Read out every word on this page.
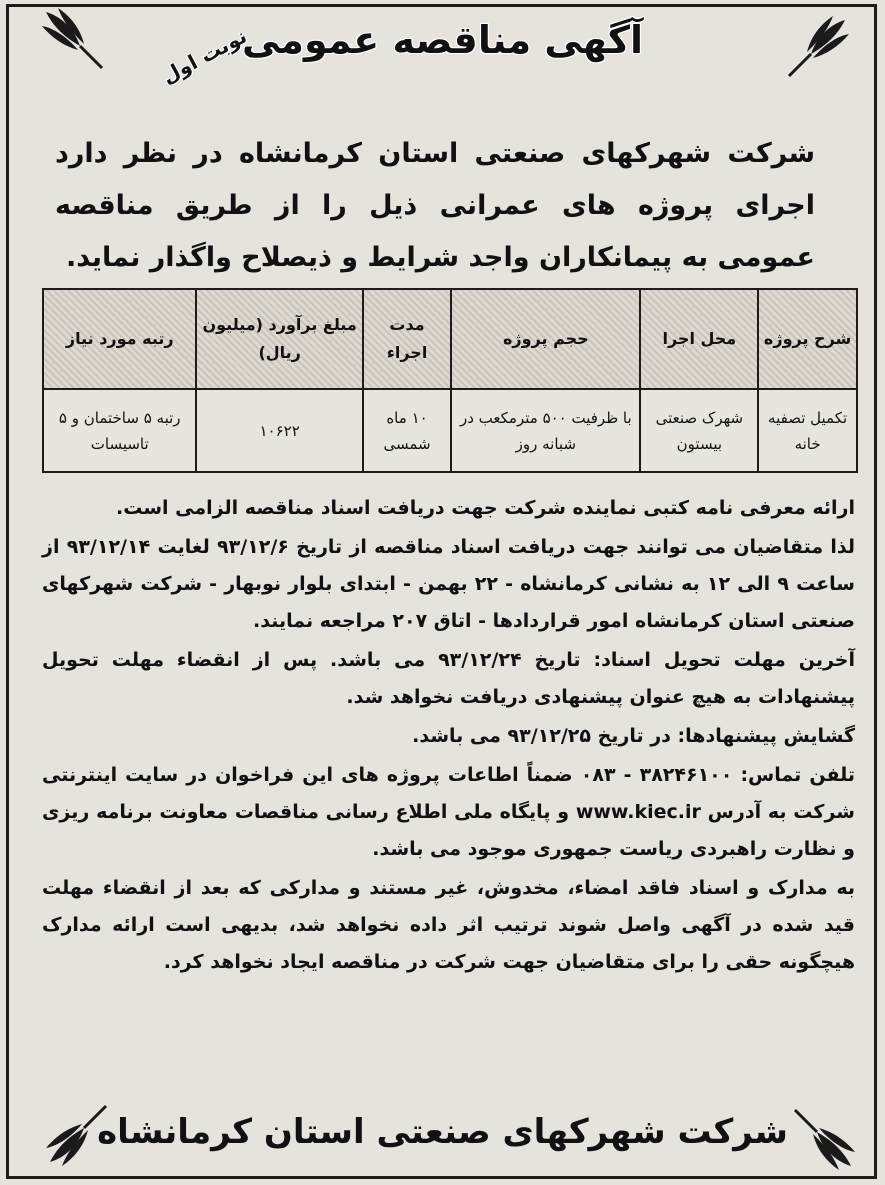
آگهی مناقصه عمومی
نوبت اول
شرکت شهرکهای صنعتی استان کرمانشاه در نظر دارد اجرای پروژه های عمرانی ذیل را از طریق مناقصه عمومی به پیمانکاران واجد شرایط و ذیصلاح واگذار نماید.
شرح پروژه	محل اجرا	حجم پروژه	مدت اجراء	مبلغ برآورد (میلیون ریال)	رتبه مورد نیاز
تکمیل تصفیه خانه	شهرک صنعتی بیستون	با ظرفیت ۵۰۰ مترمکعب در شبانه روز	۱۰ ماه شمسی	۱۰۶۲۲	رتبه ۵ ساختمان و ۵ تاسیسات

ارائه معرفی نامه کتبی نماینده شرکت جهت دریافت اسناد مناقصه الزامی است.

لذا متقاضیان می توانند جهت دریافت اسناد مناقصه از تاریخ ۹۳/۱۲/۶ لغایت ۹۳/۱۲/۱۴ از ساعت ۹ الی ۱۲ به نشانی کرمانشاه - ۲۲ بهمن - ابتدای بلوار نوبهار - شرکت شهرکهای صنعتی استان کرمانشاه امور قراردادها - اتاق ۲۰۷ مراجعه نمایند.

آخرین مهلت تحویل اسناد: تاریخ ۹۳/۱۲/۲۴ می باشد. پس از انقضاء مهلت تحویل پیشنهادات به هیچ عنوان پیشنهادی دریافت نخواهد شد.

گشایش پیشنهادها: در تاریخ ۹۳/۱۲/۲۵ می باشد.

تلفن تماس: ۳۸۲۴۶۱۰۰ - ۰۸۳ ضمناً اطاعات پروژه های این فراخوان در سایت اینترنتی شرکت به آدرس www.kiec.ir و پایگاه ملی اطلاع رسانی مناقصات معاونت برنامه ریزی و نظارت راهبردی ریاست جمهوری موجود می باشد.

به مدارک و اسناد فاقد امضاء، مخدوش، غیر مستند و مدارکی که بعد از انقضاء مهلت قید شده در آگهی واصل شوند ترتیب اثر داده نخواهد شد، بدیهی است ارائه مدارک هیچگونه حقی را برای متقاضیان جهت شرکت در مناقصه ایجاد نخواهد کرد.

شرکت شهرکهای صنعتی استان کرمانشاه
